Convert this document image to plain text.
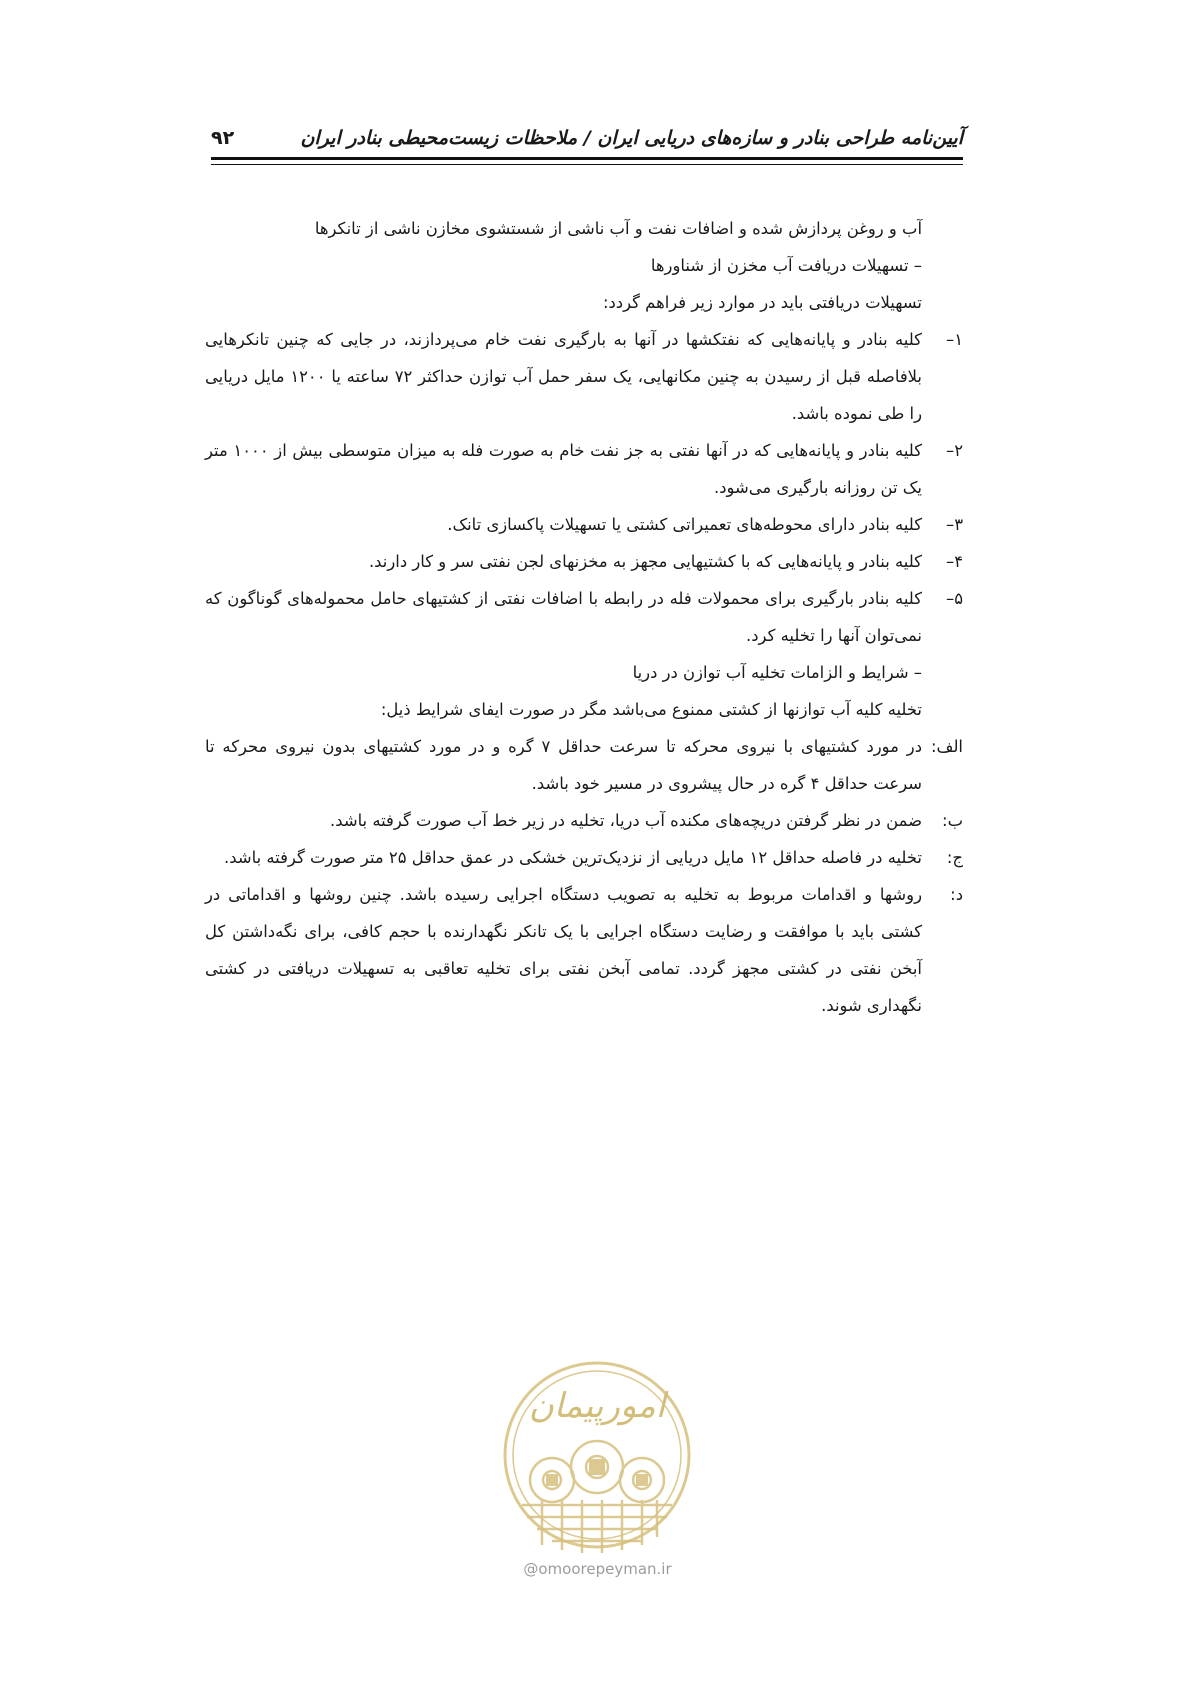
۹۲	آیین‌نامه طراحی بنادر و سازه‌های دریایی ایران / ملاحظات زیست‌محیطی بنادر ایران

آب و روغن پردازش شده و اضافات نفت و آب ناشی از شستشوی مخازن ناشی از تانکرها

– تسهیلات دریافت آب مخزن از شناورها

تسهیلات دریافتی باید در موارد زیر فراهم گردد:

۱–
کلیه بنادر و پایانه‌هایی که نفتکشها در آنها به بارگیری نفت خام می‌پردازند، در جایی که چنین تانکرهایی بلافاصله قبل از رسیدن به چنین مکانهایی، یک سفر حمل آب توازن حداکثر ۷۲ ساعته یا ۱۲۰۰ مایل دریایی را طی نموده باشد.
۲–
کلیه بنادر و پایانه‌هایی که در آنها نفتی به جز نفت خام به صورت فله به میزان متوسطی بیش از ۱۰۰۰ متر یک تن روزانه بارگیری می‌شود.
۳–
کلیه بنادر دارای محوطه‌های تعمیراتی کشتی یا تسهیلات پاکسازی تانک.
۴–
کلیه بنادر و پایانه‌هایی که با کشتیهایی مجهز به مخزنهای لجن نفتی سر و کار دارند.
۵–
کلیه بنادر بارگیری برای محمولات فله در رابطه با اضافات نفتی از کشتیهای حامل محموله‌های گوناگون که نمی‌توان آنها را تخلیه کرد.

– شرایط و الزامات تخلیه آب توازن در دریا

تخلیه کلیه آب توازنها از کشتی ممنوع می‌باشد مگر در صورت ایفای شرایط ذیل:

الف:
در مورد کشتیهای با نیروی محرکه تا سرعت حداقل ۷ گره و در مورد کشتیهای بدون نیروی محرکه تا سرعت حداقل ۴ گره در حال پیشروی در مسیر خود باشد.
ب:
ضمن در نظر گرفتن دریچه‌های مکنده آب دریا، تخلیه در زیر خط آب صورت گرفته باشد.
ج:
تخلیه در فاصله حداقل ۱۲ مایل دریایی از نزدیک‌ترین خشکی در عمق حداقل ۲۵ متر صورت گرفته باشد.
د:
روشها و اقدامات مربوط به تخلیه به تصویب دستگاه اجرایی رسیده باشد. چنین روشها و اقداماتی در کشتی باید با موافقت و رضایت دستگاه اجرایی با یک تانکر نگهدارنده با حجم کافی، برای نگه‌داشتن کل آبخن نفتی در کشتی مجهز گردد. تمامی آبخن نفتی برای تخلیه تعاقبی به تسهیلات دریافتی در کشتی نگهداری شوند.
امورپیمان
@omoorepeyman.ir
